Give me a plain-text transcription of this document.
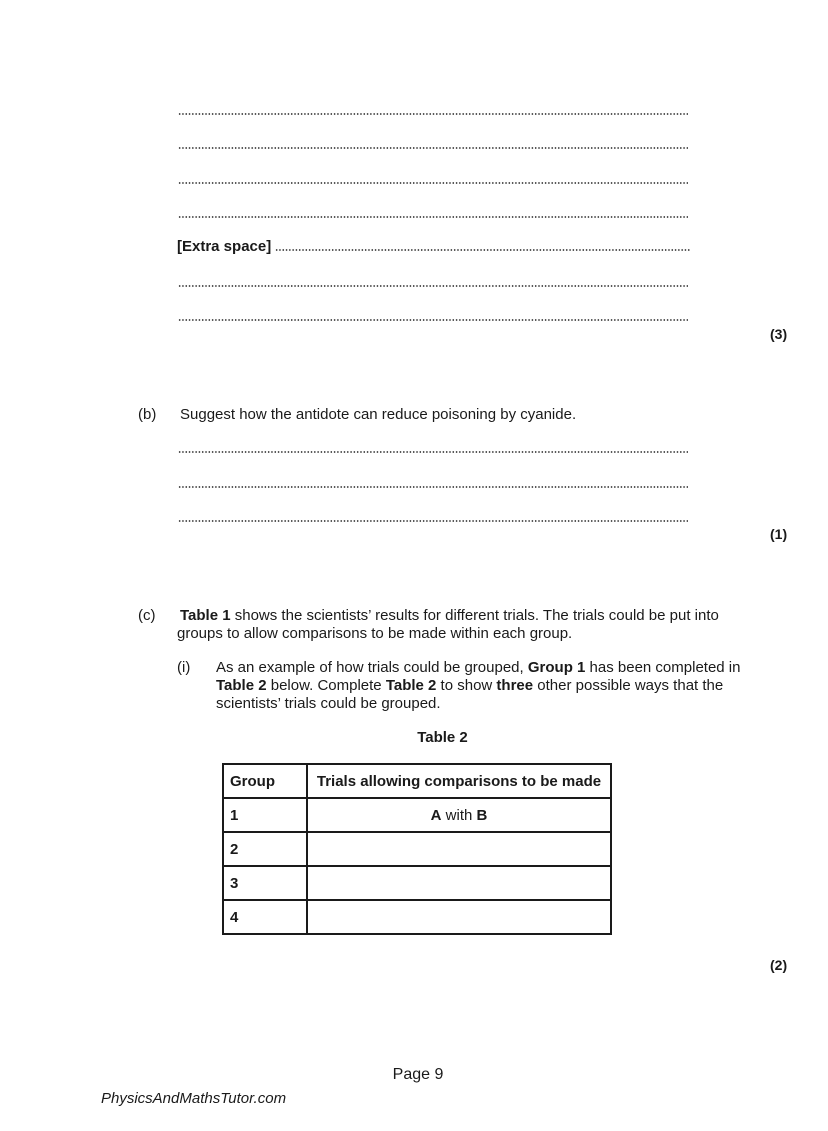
[Extra space]
(3)
(b) Suggest how the antidote can reduce poisoning by cyanide.
(1)
(c) Table 1 shows the scientists’ results for different trials. The trials could be put into groups to allow comparisons to be made within each group.
(i) As an example of how trials could be grouped, Group 1 has been completed in Table 2 below. Complete Table 2 to show three other possible ways that the scientists’ trials could be grouped.
Table 2
Group	Trials allowing comparisons to be made
1	A with B
2	
3	
4	
(2)
Page 9
PhysicsAndMathsTutor.com
